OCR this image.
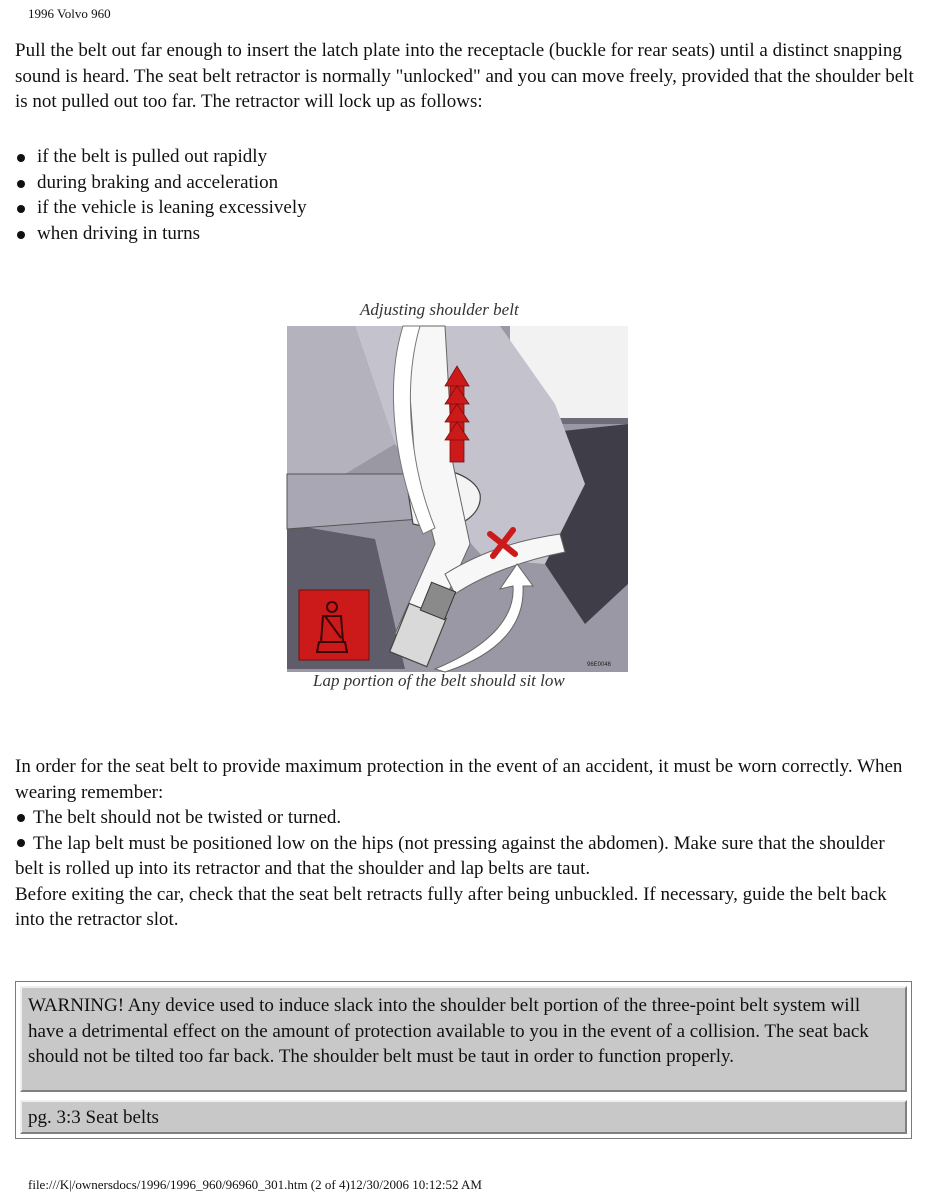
1996 Volvo 960

Pull the belt out far enough to insert the latch plate into the receptacle (buckle for rear seats) until a distinct snapping sound is heard. The seat belt retractor is normally "unlocked" and you can move freely, provided that the shoulder belt is not pulled out too far. The retractor will lock up as follows:

if the belt is pulled out rapidly
during braking and acceleration
if the vehicle is leaning excessively
when driving in turns
Adjusting shoulder belt
96E0046
Lap portion of the belt should sit low
In order for the seat belt to provide maximum protection in the event of an accident, it must be worn correctly. When wearing remember:
The belt should not be twisted or turned.
The lap belt must be positioned low on the hips (not pressing against the abdomen). Make sure that the shoulder belt is rolled up into its retractor and that the shoulder and lap belts are taut.
Before exiting the car, check that the seat belt retracts fully after being unbuckled. If necessary, guide the belt back into the retractor slot.
WARNING! Any device used to induce slack into the shoulder belt portion of the three-point belt system will have a detrimental effect on the amount of protection available to you in the event of a collision. The seat back should not be tilted too far back. The shoulder belt must be taut in order to function properly.
pg. 3:3 Seat belts
file:///K|/ownersdocs/1996/1996_960/96960_301.htm (2 of 4)12/30/2006 10:12:52 AM
